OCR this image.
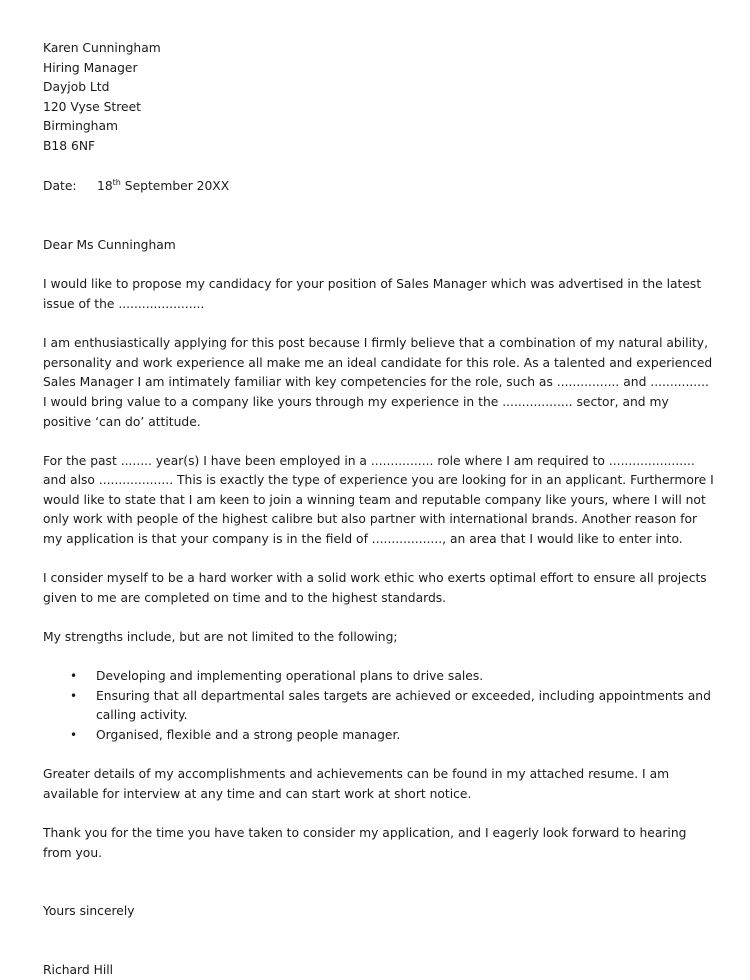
Karen Cunningham
Hiring Manager
Dayjob Ltd
120 Vyse Street
Birmingham
B18 6NF
Date: 18th September 20XX

Dear Ms Cunningham

I would like to propose my candidacy for your position of Sales Manager which was advertised in the latest issue of the ......................

I am enthusiastically applying for this post because I firmly believe that a combination of my natural ability, personality and work experience all make me an ideal candidate for this role. As a talented and experienced Sales Manager I am intimately familiar with key competencies for the role, such as ................ and ............... I would bring value to a company like yours through my experience in the .................. sector, and my positive ‘can do’ attitude.

For the past ........ year(s) I have been employed in a ................ role where I am required to ...................... and also ................... This is exactly the type of experience you are looking for in an applicant. Furthermore I would like to state that I am keen to join a winning team and reputable company like yours, where I will not only work with people of the highest calibre but also partner with international brands. Another reason for my application is that your company is in the field of .................., an area that I would like to enter into.

I consider myself to be a hard worker with a solid work ethic who exerts optimal effort to ensure all projects given to me are completed on time and to the highest standards.

My strengths include, but are not limited to the following;

• Developing and implementing operational plans to drive sales.
• Ensuring that all departmental sales targets are achieved or exceeded, including appointments and calling activity.
• Organised, flexible and a strong people manager.

Greater details of my accomplishments and achievements can be found in my attached resume. I am available for interview at any time and can start work at short notice.

Thank you for the time you have taken to consider my application, and I eagerly look forward to hearing from you.

Yours sincerely

Richard Hill
